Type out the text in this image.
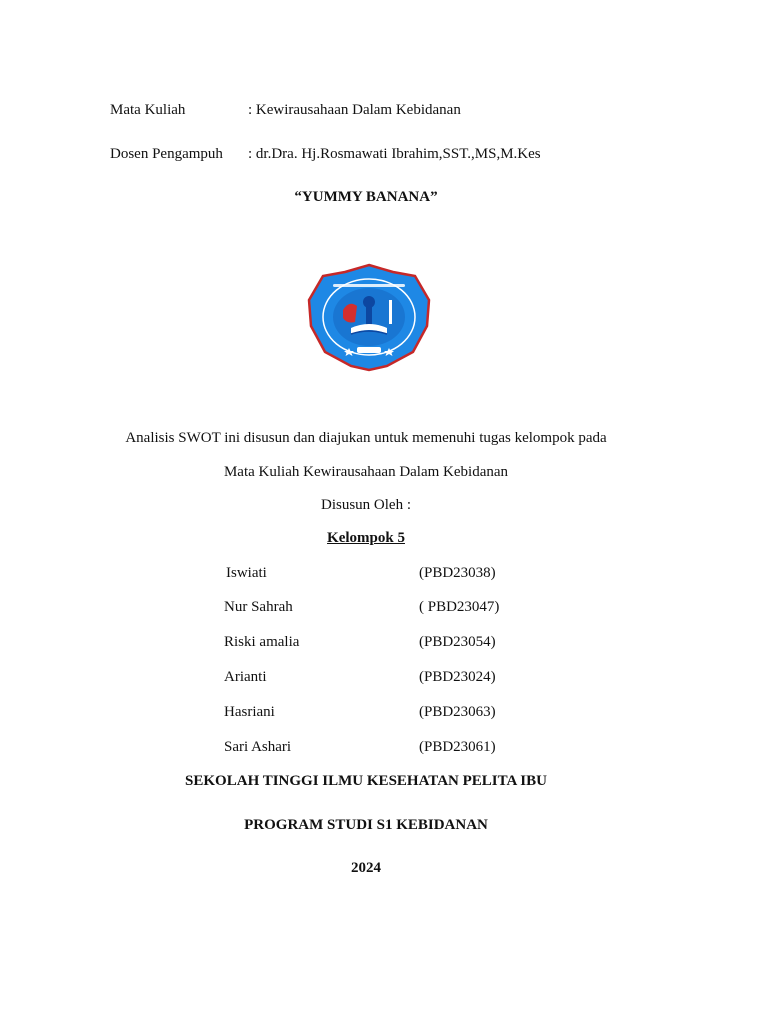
Mata Kuliah	: Kewirausahaan Dalam Kebidanan
Dosen Pengampuh : dr.Dra. Hj.Rosmawati Ibrahim,SST.,MS,M.Kes
“YUMMY BANANA”
Analisis SWOT ini disusun dan diajukan untuk memenuhi tugas kelompok pada
Mata Kuliah Kewirausahaan Dalam Kebidanan
Disusun Oleh :
Kelompok 5
Iswiati	(PBD23038)
Nur Sahrah	( PBD23047)
Riski amalia	(PBD23054)
Arianti	(PBD23024)
Hasriani	(PBD23063)
Sari Ashari	(PBD23061)
SEKOLAH TINGGI ILMU KESEHATAN PELITA IBU
PROGRAM STUDI S1 KEBIDANAN
2024
